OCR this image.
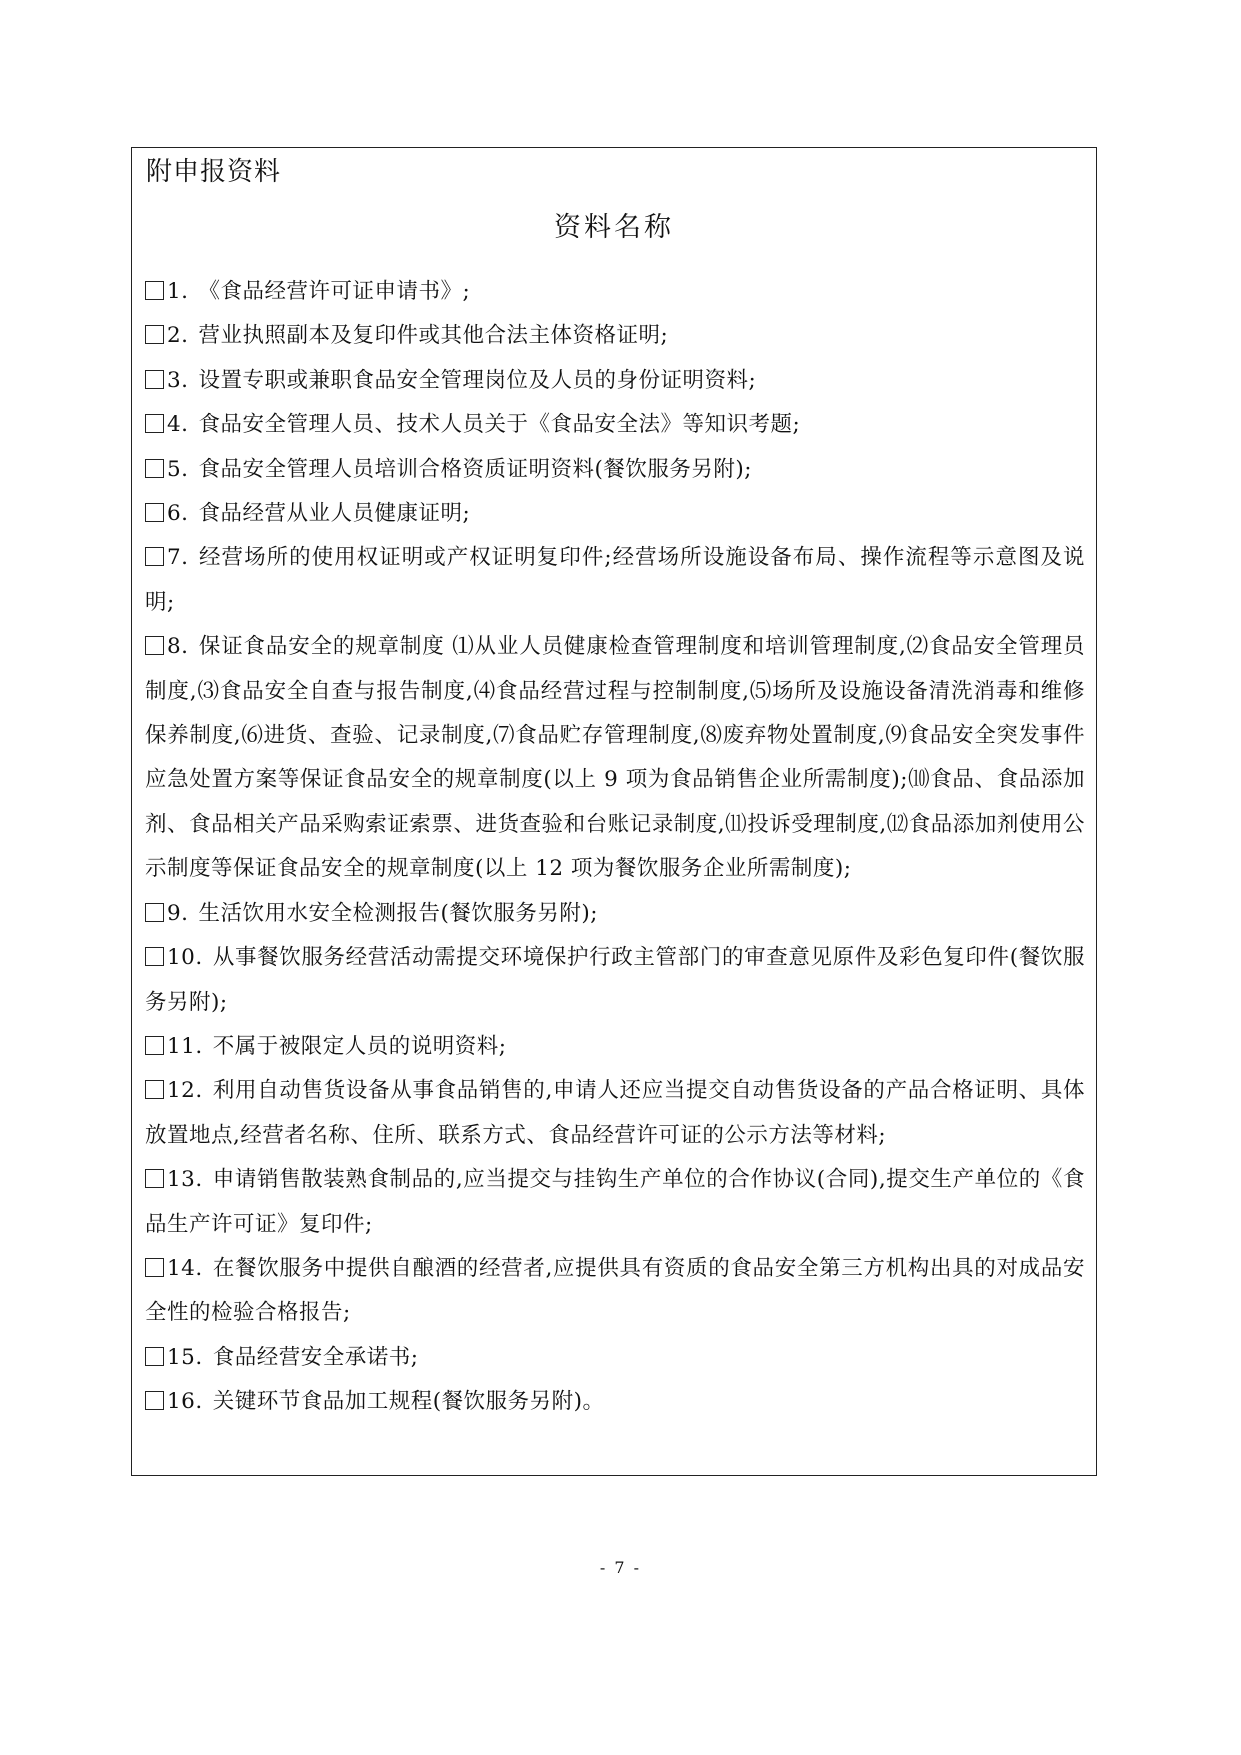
附申报资料
资料名称
1. 《食品经营许可证申请书》;
2. 营业执照副本及复印件或其他合法主体资格证明;
3. 设置专职或兼职食品安全管理岗位及人员的身份证明资料;
4. 食品安全管理人员、技术人员关于《食品安全法》等知识考题;
5. 食品安全管理人员培训合格资质证明资料(餐饮服务另附);
6. 食品经营从业人员健康证明;
7. 经营场所的使用权证明或产权证明复印件;经营场所设施设备布局、操作流程等示意图及说明;
8. 保证食品安全的规章制度 ⑴从业人员健康检查管理制度和培训管理制度,⑵食品安全管理员制度,⑶食品安全自查与报告制度,⑷食品经营过程与控制制度,⑸场所及设施设备清洗消毒和维修保养制度,⑹进货、查验、记录制度,⑺食品贮存管理制度,⑻废弃物处置制度,⑼食品安全突发事件应急处置方案等保证食品安全的规章制度(以上 9 项为食品销售企业所需制度);⑽食品、食品添加剂、食品相关产品采购索证索票、进货查验和台账记录制度,⑾投诉受理制度,⑿食品添加剂使用公示制度等保证食品安全的规章制度(以上 12 项为餐饮服务企业所需制度);
9. 生活饮用水安全检测报告(餐饮服务另附);
10. 从事餐饮服务经营活动需提交环境保护行政主管部门的审查意见原件及彩色复印件(餐饮服务另附);
11. 不属于被限定人员的说明资料;
12. 利用自动售货设备从事食品销售的,申请人还应当提交自动售货设备的产品合格证明、具体放置地点,经营者名称、住所、联系方式、食品经营许可证的公示方法等材料;
13. 申请销售散装熟食制品的,应当提交与挂钩生产单位的合作协议(合同),提交生产单位的《食品生产许可证》复印件;
14. 在餐饮服务中提供自酿酒的经营者,应提供具有资质的食品安全第三方机构出具的对成品安全性的检验合格报告;
15. 食品经营安全承诺书;
16. 关键环节食品加工规程(餐饮服务另附)。
- 7 -
